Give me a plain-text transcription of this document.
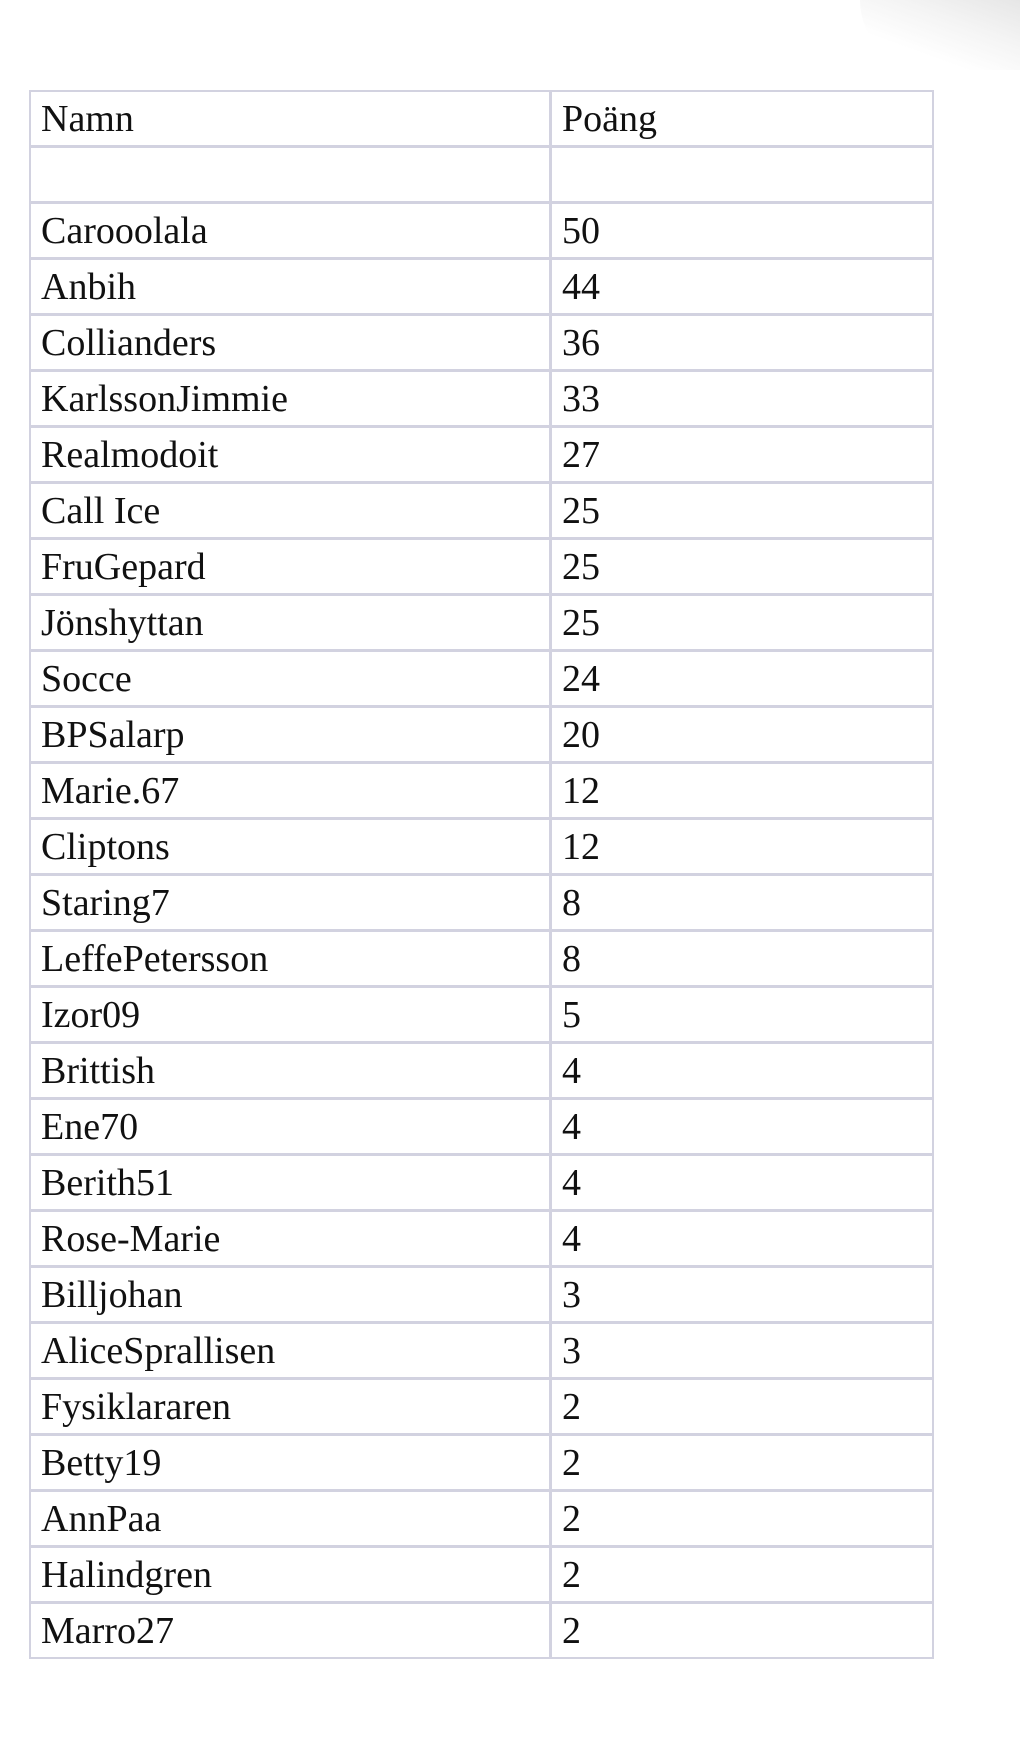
Namn	Poäng

Carooolala	50
Anbih	44
Collianders	36
KarlssonJimmie	33
Realmodoit	27
Call Ice	25
FruGepard	25
Jönshyttan	25
Socce	24
BPSalarp	20
Marie.67	12
Cliptons	12
Staring7	8
LeffePetersson	8
Izor09	5
Brittish	4
Ene70	4
Berith51	4
Rose-Marie	4
Billjohan	3
AliceSprallisen	3
Fysiklararen	2
Betty19	2
AnnPaa	2
Halindgren	2
Marro27	2
